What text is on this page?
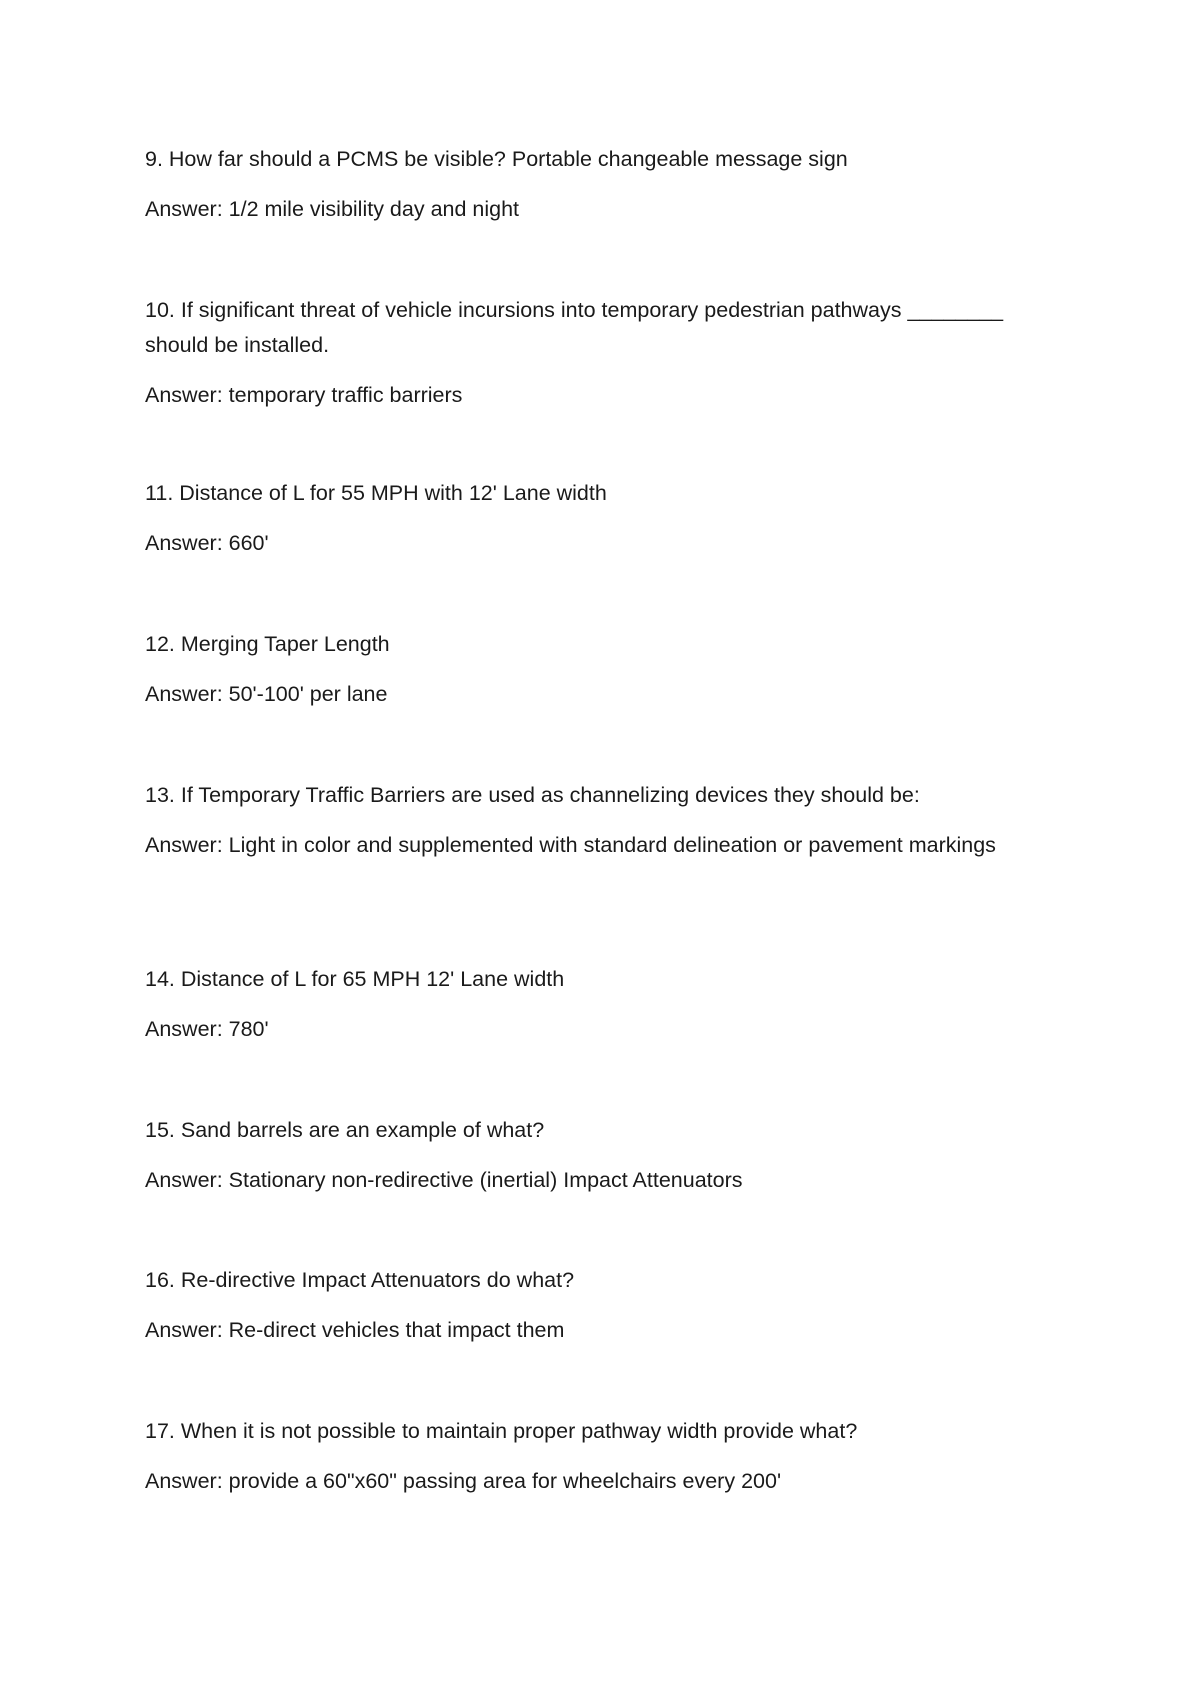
9. How far should a PCMS be visible? Portable changeable message sign

Answer: 1/2 mile visibility day and night

10. If significant threat of vehicle incursions into temporary pedestrian pathways ________ should be installed.

Answer: temporary traffic barriers

11. Distance of L for 55 MPH with 12' Lane width

Answer: 660'

12. Merging Taper Length

Answer: 50'-100' per lane

13. If Temporary Traffic Barriers are used as channelizing devices they should be:

Answer: Light in color and supplemented with standard delineation or pavement markings

14. Distance of L for 65 MPH 12' Lane width

Answer: 780'

15. Sand barrels are an example of what?

Answer: Stationary non-redirective (inertial) Impact Attenuators

16. Re-directive Impact Attenuators do what?

Answer: Re-direct vehicles that impact them

17. When it is not possible to maintain proper pathway width provide what?

Answer: provide a 60"x60" passing area for wheelchairs every 200'
